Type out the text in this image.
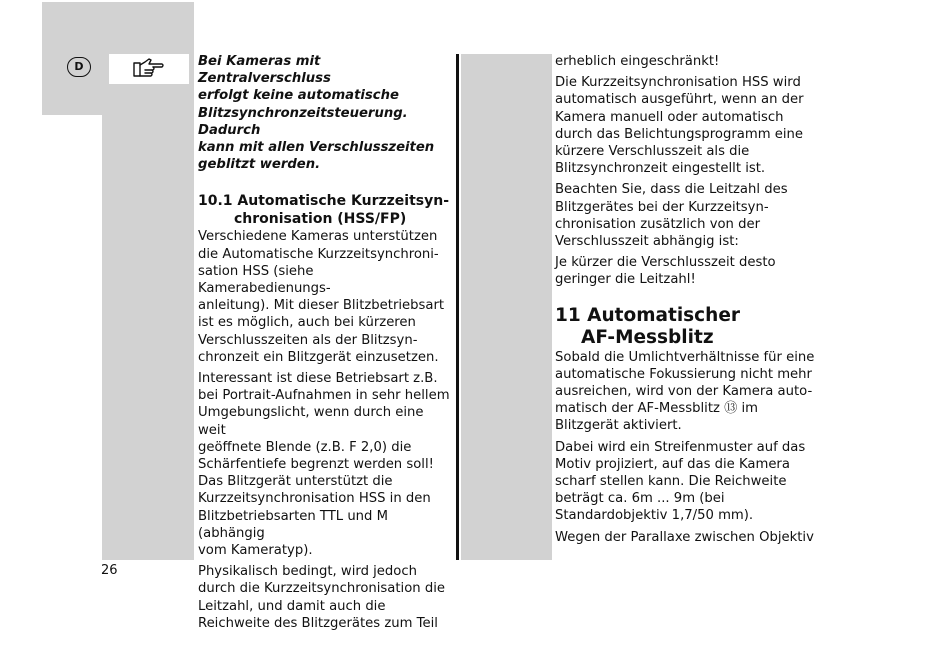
D	Bei Kameras mit Zentralverschluss
erfolgt keine automatische
Blitzsynchronzeitsteuerung. Dadurch
kann mit allen Verschlusszeiten
geblitzt werden.

10.1 Automatische Kurzzeitsyn-
chronisation (HSS/FP)

Verschiedene Kameras unterstützen
die Automatische Kurzzeitsynchroni-
sation HSS (siehe Kamerabedienungs-
anleitung). Mit dieser Blitzbetriebsart
ist es möglich, auch bei kürzeren
Verschlusszeiten als der Blitzsyn-
chronzeit ein Blitzgerät einzusetzen.

Interessant ist diese Betriebsart z.B.
bei Portrait-Aufnahmen in sehr hellem
Umgebungslicht, wenn durch eine weit
geöffnete Blende (z.B. F 2,0) die
Schärfentiefe begrenzt werden soll!
Das Blitzgerät unterstützt die
Kurzzeitsynchronisation HSS in den
Blitzbetriebsarten TTL und M (abhängig
vom Kameratyp).

Physikalisch bedingt, wird jedoch
durch die Kurzzeitsynchronisation die
Leitzahl, und damit auch die
Reichweite des Blitzgerätes zum Teil

erheblich eingeschränkt!

Die Kurzzeitsynchronisation HSS wird
automatisch ausgeführt, wenn an der
Kamera manuell oder automatisch
durch das Belichtungsprogramm eine
kürzere Verschlusszeit als die
Blitzsynchronzeit eingestellt ist.

Beachten Sie, dass die Leitzahl des
Blitzgerätes bei der Kurzzeitsyn-
chronisation zusätzlich von der
Verschlusszeit abhängig ist:

Je kürzer die Verschlusszeit desto
geringer die Leitzahl!

11 Automatischer
AF-Messblitz

Sobald die Umlichtverhältnisse für eine
automatische Fokussierung nicht mehr
ausreichen, wird von der Kamera auto-
matisch der AF-Messblitz ⑬ im
Blitzgerät aktiviert.

Dabei wird ein Streifenmuster auf das
Motiv projiziert, auf das die Kamera
scharf stellen kann. Die Reichweite
beträgt ca. 6m ... 9m (bei
Standardobjektiv 1,7/50 mm).

Wegen der Parallaxe zwischen Objektiv

26
